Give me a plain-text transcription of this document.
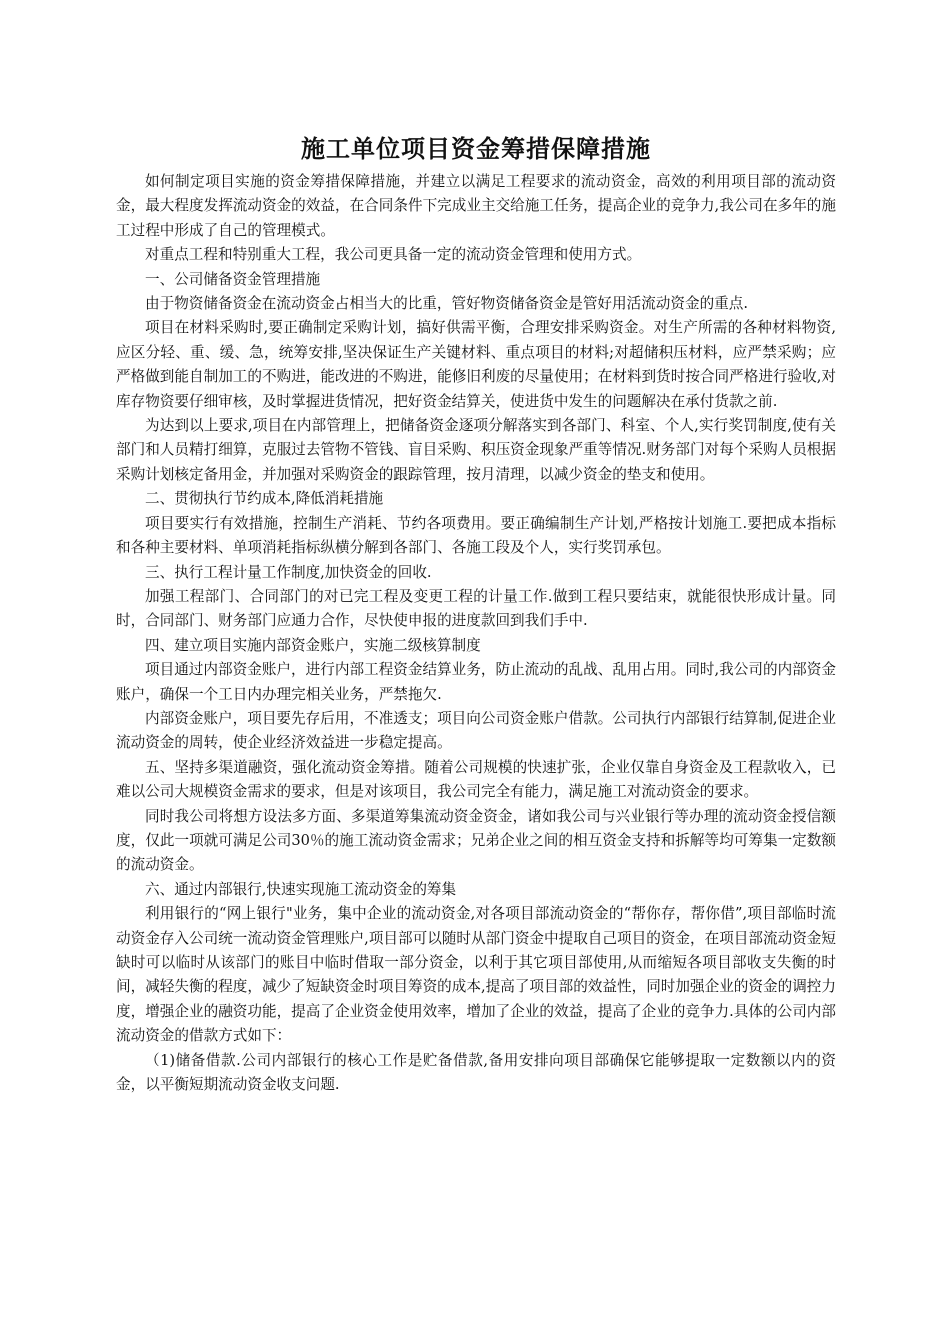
施工单位项目资金筹措保障措施

如何制定项目实施的资金筹措保障措施，并建立以满足工程要求的流动资金，高效的利用项目部的流动资金，最大程度发挥流动资金的效益，在合同条件下完成业主交给施工任务，提高企业的竞争力,我公司在多年的施工过程中形成了自己的管理模式。

对重点工程和特别重大工程，我公司更具备一定的流动资金管理和使用方式。

一、公司储备资金管理措施

由于物资储备资金在流动资金占相当大的比重，管好物资储备资金是管好用活流动资金的重点.

项目在材料采购时,要正确制定采购计划，搞好供需平衡，合理安排采购资金。对生产所需的各种材料物资,应区分轻、重、缓、急，统筹安排,坚决保证生产关键材料、重点项目的材料;对超储积压材料，应严禁采购；应严格做到能自制加工的不购进，能改进的不购进，能修旧利废的尽量使用；在材料到货时按合同严格进行验收,对库存物资要仔细审核，及时掌握进货情况，把好资金结算关，使进货中发生的问题解决在承付货款之前.

为达到以上要求,项目在内部管理上，把储备资金逐项分解落实到各部门、科室、个人,实行奖罚制度,使有关部门和人员精打细算，克服过去管物不管钱、盲目采购、积压资金现象严重等情况.财务部门对每个采购人员根据采购计划核定备用金，并加强对采购资金的跟踪管理，按月清理，以减少资金的垫支和使用。

二、贯彻执行节约成本,降低消耗措施

项目要实行有效措施，控制生产消耗、节约各项费用。要正确编制生产计划,严格按计划施工.要把成本指标和各种主要材料、单项消耗指标纵横分解到各部门、各施工段及个人，实行奖罚承包。

三、执行工程计量工作制度,加快资金的回收.

加强工程部门、合同部门的对已完工程及变更工程的计量工作.做到工程只要结束，就能很快形成计量。同时，合同部门、财务部门应通力合作，尽快使申报的进度款回到我们手中.

四、建立项目实施内部资金账户，实施二级核算制度

项目通过内部资金账户，进行内部工程资金结算业务，防止流动的乱战、乱用占用。同时,我公司的内部资金账户，确保一个工日内办理完相关业务，严禁拖欠.

内部资金账户，项目要先存后用，不准透支；项目向公司资金账户借款。公司执行内部银行结算制,促进企业流动资金的周转，使企业经济效益进一步稳定提高。

五、坚持多渠道融资，强化流动资金筹措。随着公司规模的快速扩张，企业仅靠自身资金及工程款收入，已难以公司大规模资金需求的要求，但是对该项目，我公司完全有能力，满足施工对流动资金的要求。

同时我公司将想方设法多方面、多渠道筹集流动资金资金，诸如我公司与兴业银行等办理的流动资金授信额度，仅此一项就可满足公司30％的施工流动资金需求；兄弟企业之间的相互资金支持和拆解等均可筹集一定数额的流动资金。

六、通过内部银行,快速实现施工流动资金的筹集

利用银行的“网上银行"业务，集中企业的流动资金,对各项目部流动资金的“帮你存，帮你借”,项目部临时流动资金存入公司统一流动资金管理账户,项目部可以随时从部门资金中提取自己项目的资金，在项目部流动资金短缺时可以临时从该部门的账目中临时借取一部分资金，以利于其它项目部使用,从而缩短各项目部收支失衡的时间，减轻失衡的程度，减少了短缺资金时项目筹资的成本,提高了项目部的效益性，同时加强企业的资金的调控力度，增强企业的融资功能，提高了企业资金使用效率，增加了企业的效益，提高了企业的竞争力.具体的公司内部流动资金的借款方式如下：

（1)储备借款.公司内部银行的核心工作是贮备借款,备用安排向项目部确保它能够提取一定数额以内的资金，以平衡短期流动资金收支问题.
